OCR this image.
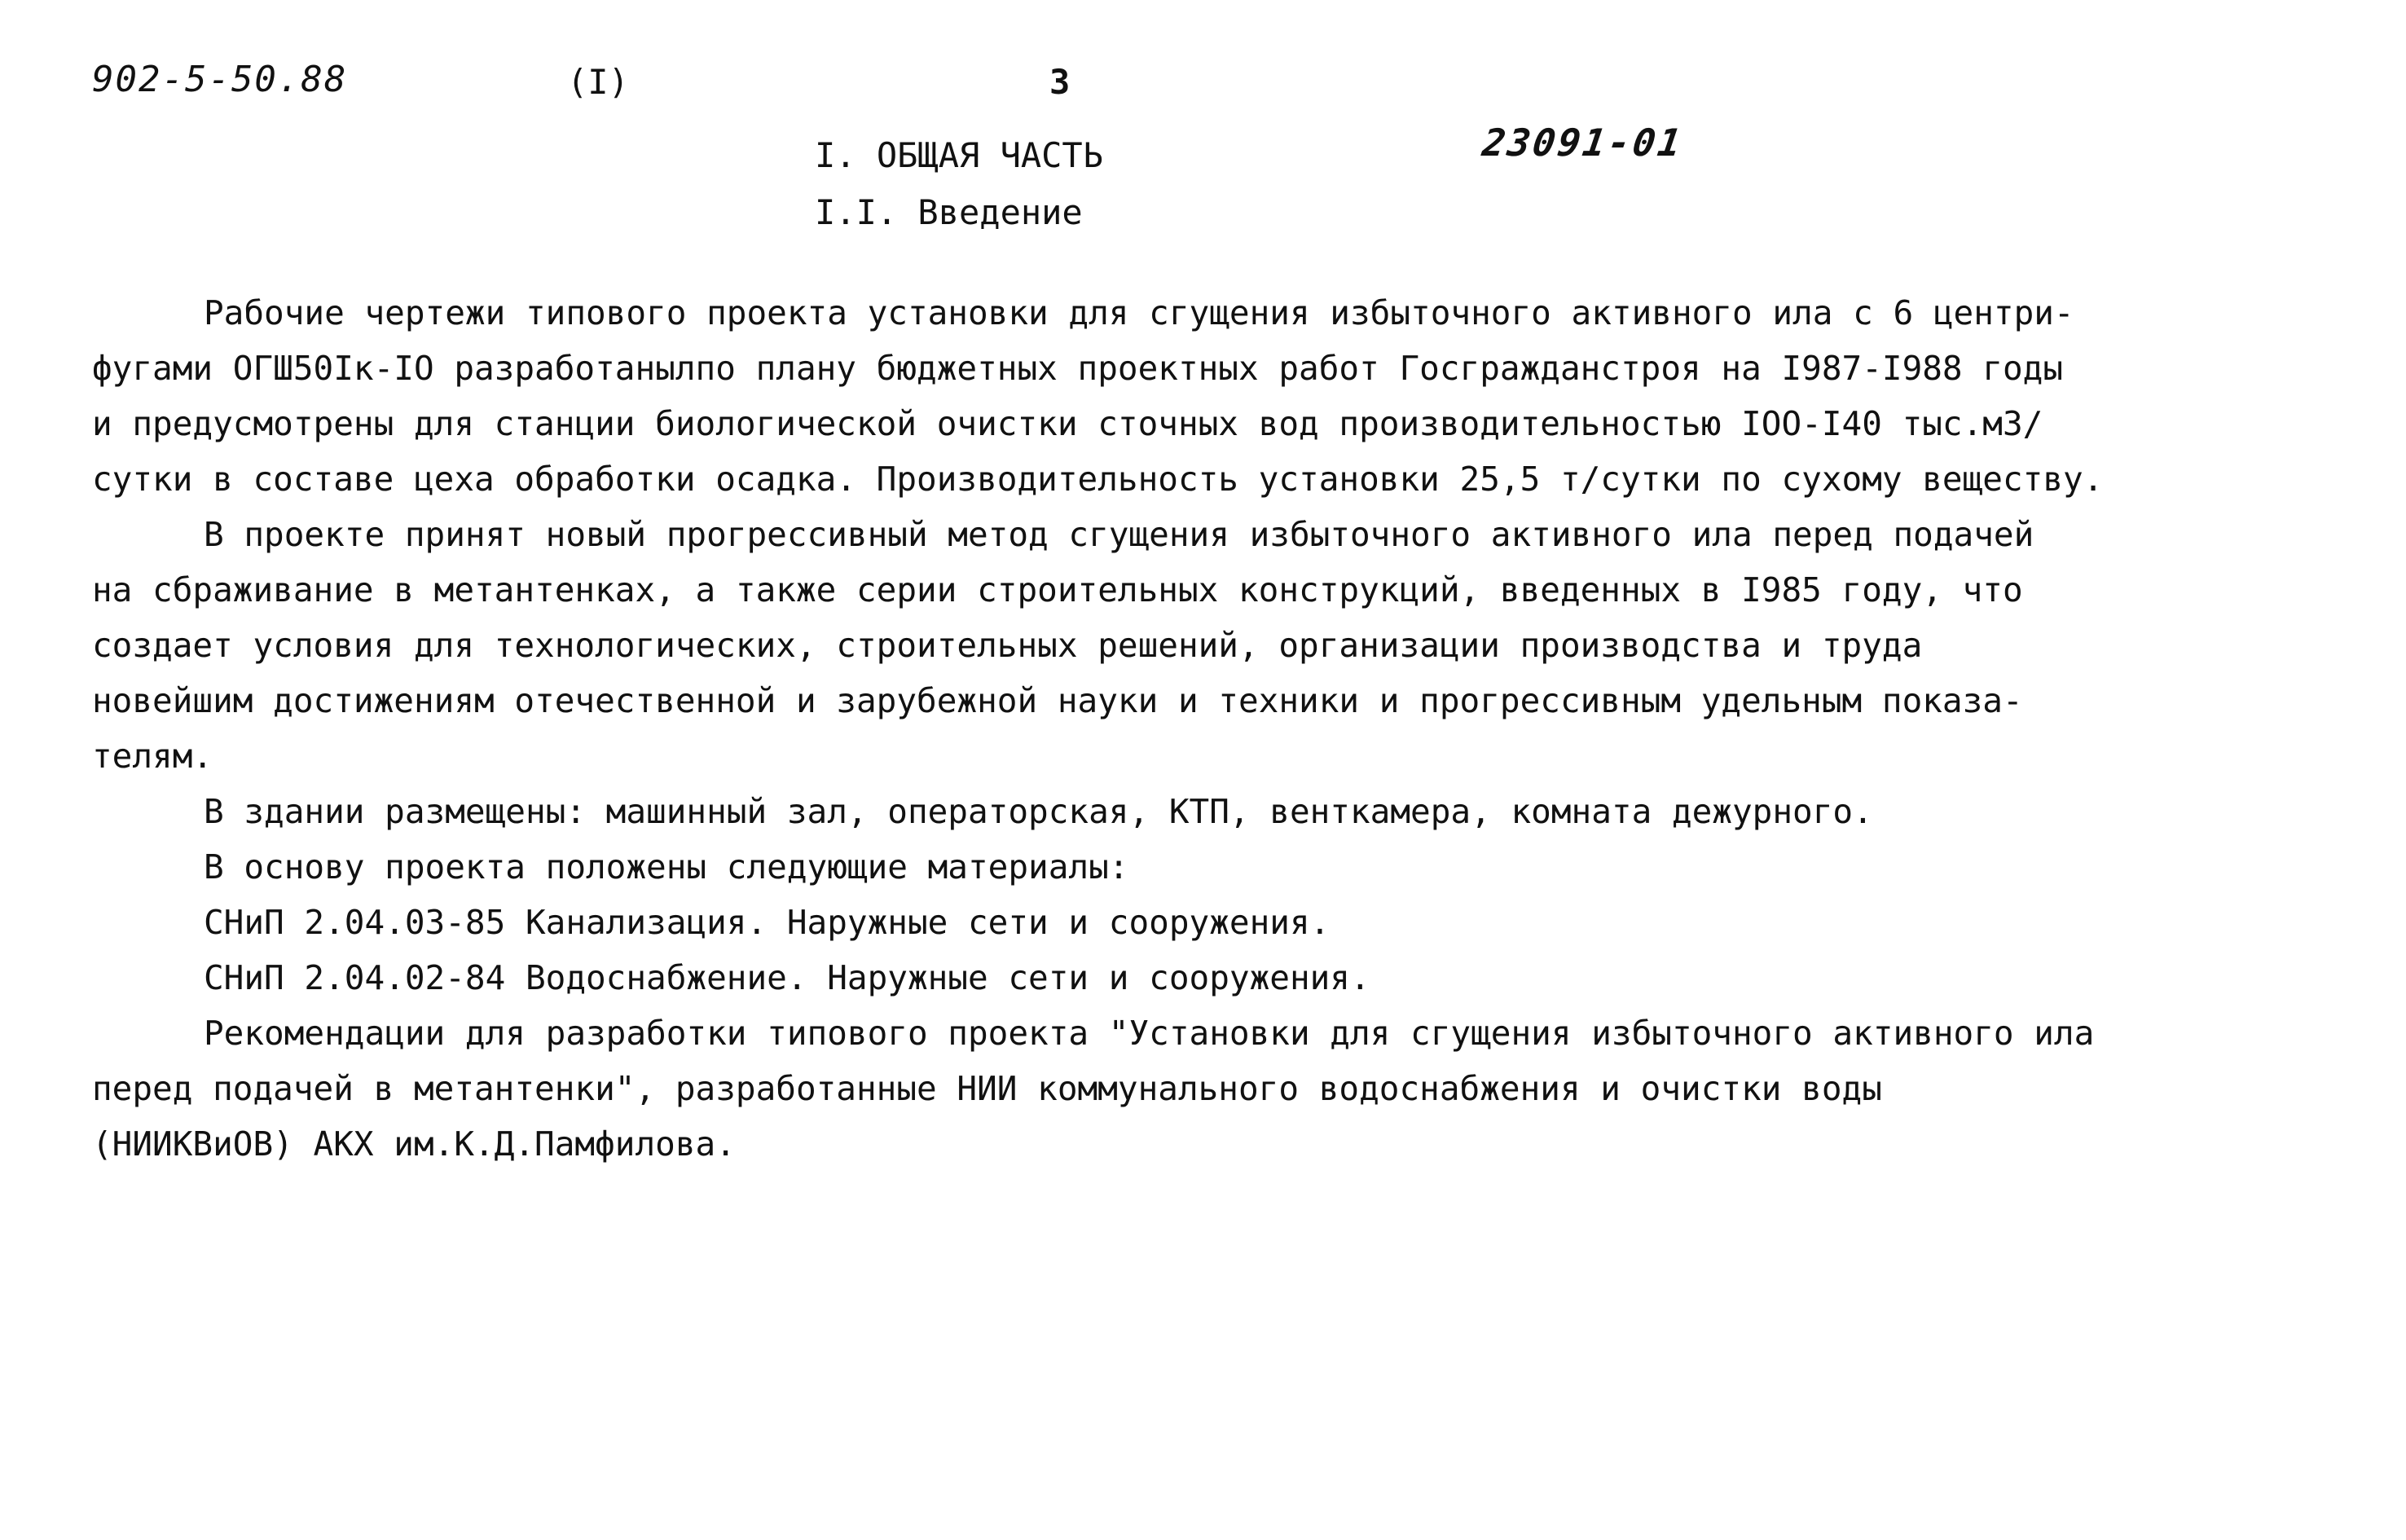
902-5-50.88	(I)	3
23091-01
I. ОБЩАЯ ЧАСТЬ
I.I. Введение
Рабочие чертежи типового проекта установки для сгущения избыточного активного ила с 6 центри-
фугами ОГШ50Iк-IO разработанылпо плану бюджетных проектных работ Госгражданстроя на I987-I988 годы
и предусмотрены для станции биологической очистки сточных вод производительностью IOO-I40 тыс.м3/
сутки в составе цеха обработки осадка. Производительность установки 25,5 т/сутки по сухому веществу.
В проекте принят новый прогрессивный метод сгущения избыточного активного ила перед подачей
на сбраживание в метантенках, а также серии строительных конструкций, введенных в I985 году, что
создает условия для технологических, строительных решений, организации производства и труда
новейшим достижениям отечественной и зарубежной науки и техники и прогрессивным удельным показа-
телям.
В здании размещены: машинный зал, операторская, КТП, венткамера, комната дежурного.
В основу проекта положены следующие материалы:
СНиП 2.04.03-85 Канализация. Наружные сети и сооружения.
СНиП 2.04.02-84 Водоснабжение. Наружные сети и сооружения.
Рекомендации для разработки типового проекта "Установки для сгущения избыточного активного ила
перед подачей в метантенки", разработанные НИИ коммунального водоснабжения и очистки воды
(НИИКВиОВ) АКХ им.К.Д.Памфилова.
